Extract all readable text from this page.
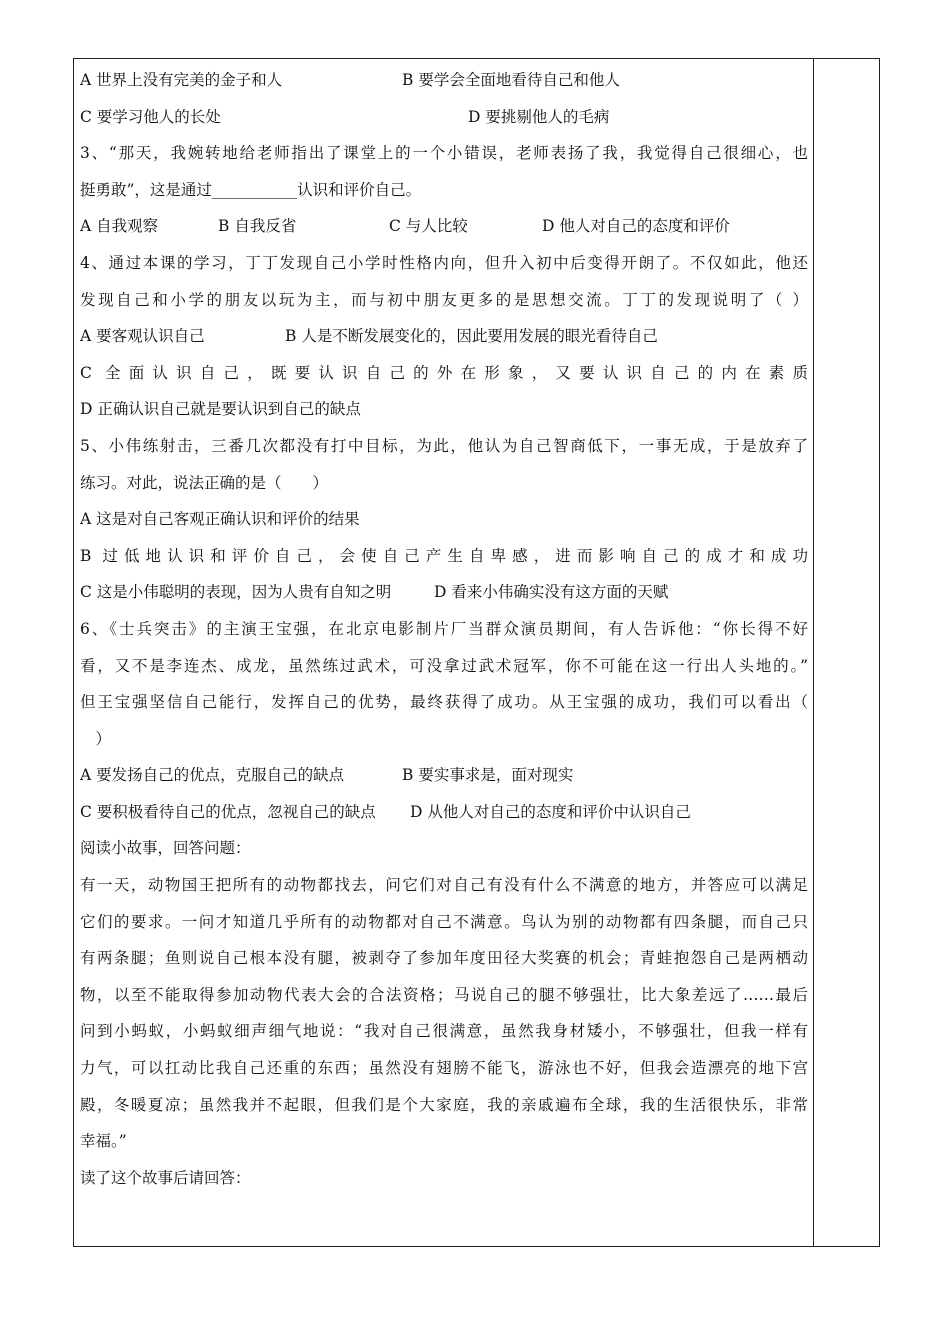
A 世界上没有完美的金子和人	B 要学会全面地看待自己和他人
C 要学习他人的长处	D 要挑剔他人的毛病
3、“那天，我婉转地给老师指出了课堂上的一个小错误，老师表扬了我，我觉得自己很细心，也
挺勇敢”，这是通过___________认识和评价自己。
A 自我观察	B 自我反省	C 与人比较	D 他人对自己的态度和评价
4、通过本课的学习，丁丁发现自己小学时性格内向，但升入初中后变得开朗了。不仅如此，他还
发现自己和小学的朋友以玩为主，而与初中朋友更多的是思想交流。丁丁的发现说明了（ ）
A 要客观认识自己	B 人是不断发展变化的，因此要用发展的眼光看待自己
C 全面认识自己，既要认识自己的外在形象，又要认识自己的内在素质
D 正确认识自己就是要认识到自己的缺点
5、小伟练射击，三番几次都没有打中目标，为此，他认为自己智商低下，一事无成，于是放弃了
练习。对此，说法正确的是（　　）
A 这是对自己客观正确认识和评价的结果
B 过低地认识和评价自己，会使自己产生自卑感，进而影响自己的成才和成功
C 这是小伟聪明的表现，因为人贵有自知之明	D 看来小伟确实没有这方面的天赋
6、《士兵突击》的主演王宝强，在北京电影制片厂当群众演员期间，有人告诉他：“你长得不好
看，又不是李连杰、成龙，虽然练过武术，可没拿过武术冠军，你不可能在这一行出人头地的。”
但王宝强坚信自己能行，发挥自己的优势，最终获得了成功。从王宝强的成功，我们可以看出（
　）
A 要发扬自己的优点，克服自己的缺点	B 要实事求是，面对现实
C 要积极看待自己的优点，忽视自己的缺点 D 从他人对自己的态度和评价中认识自己
阅读小故事，回答问题：
有一天，动物国王把所有的动物都找去，问它们对自己有没有什么不满意的地方，并答应可以满足
它们的要求。一问才知道几乎所有的动物都对自己不满意。鸟认为别的动物都有四条腿，而自己只
有两条腿；鱼则说自己根本没有腿，被剥夺了参加年度田径大奖赛的机会；青蛙抱怨自己是两栖动
物，以至不能取得参加动物代表大会的合法资格；马说自己的腿不够强壮，比大象差远了……最后
问到小蚂蚁，小蚂蚁细声细气地说：“我对自己很满意，虽然我身材矮小，不够强壮，但我一样有
力气，可以扛动比我自己还重的东西；虽然没有翅膀不能飞，游泳也不好，但我会造漂亮的地下宫
殿，冬暖夏凉；虽然我并不起眼，但我们是个大家庭，我的亲戚遍布全球，我的生活很快乐，非常
幸福。”
读了这个故事后请回答：
